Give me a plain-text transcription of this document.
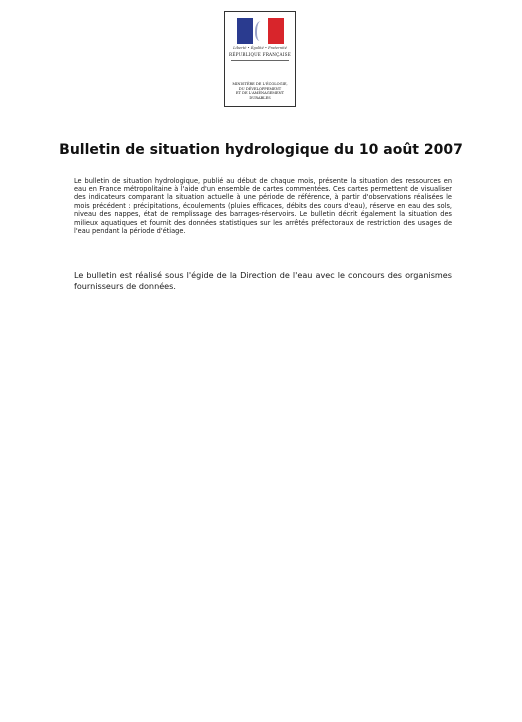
Liberté • Égalité • Fraternité
RÉPUBLIQUE FRANÇAISE
MINISTÈRE DE L'ÉCOLOGIE,
DU DÉVELOPPEMENT
ET DE L'AMÉNAGEMENT
DURABLES
Bulletin de situation hydrologique du 10 août 2007

Le bulletin de situation hydrologique, publié au début de chaque mois, présente la situation des ressources en eau en France métropolitaine à l'aide d'un ensemble de cartes commentées. Ces cartes permettent de visualiser des indicateurs comparant la situation actuelle à une période de référence, à partir d'observations réalisées le mois précédent : précipitations, écoulements (pluies efficaces, débits des cours d'eau), réserve en eau des sols, niveau des nappes, état de remplissage des barrages-réservoirs. Le bulletin décrit également la situation des milieux aquatiques et fournit des données statistiques sur les arrêtés préfectoraux de restriction des usages de l'eau pendant la période d'étiage.

Le bulletin est réalisé sous l'égide de la Direction de l'eau avec le concours des organismes fournisseurs de données.
